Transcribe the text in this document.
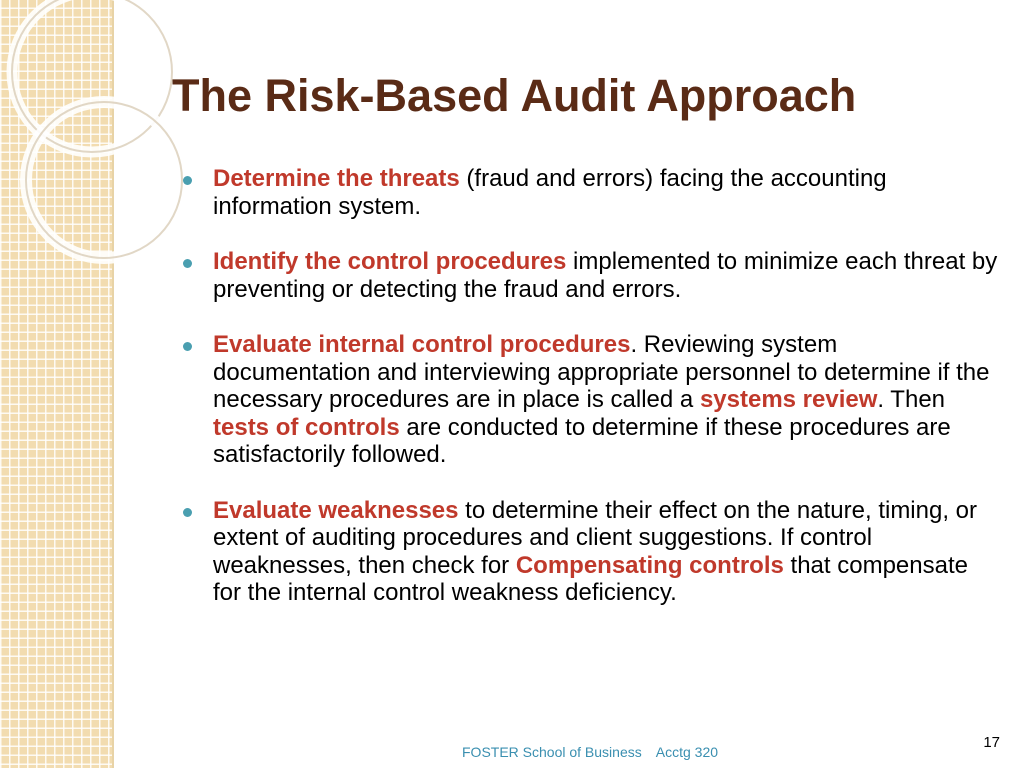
The Risk-Based Audit Approach
Determine the threats (fraud and errors) facing the accounting information system.
Identify the control procedures implemented to minimize each threat by preventing or detecting the fraud and errors.
Evaluate internal control procedures. Reviewing system documentation and interviewing appropriate personnel to determine if the necessary procedures are in place is called a systems review. Then tests of controls are conducted to determine if these procedures are satisfactorily followed.
Evaluate weaknesses to determine their effect on the nature, timing, or extent of auditing procedures and client suggestions. If control weaknesses, then check for Compensating controls that compensate for the internal control weakness deficiency.
FOSTER School of Business Acctg 320
17
